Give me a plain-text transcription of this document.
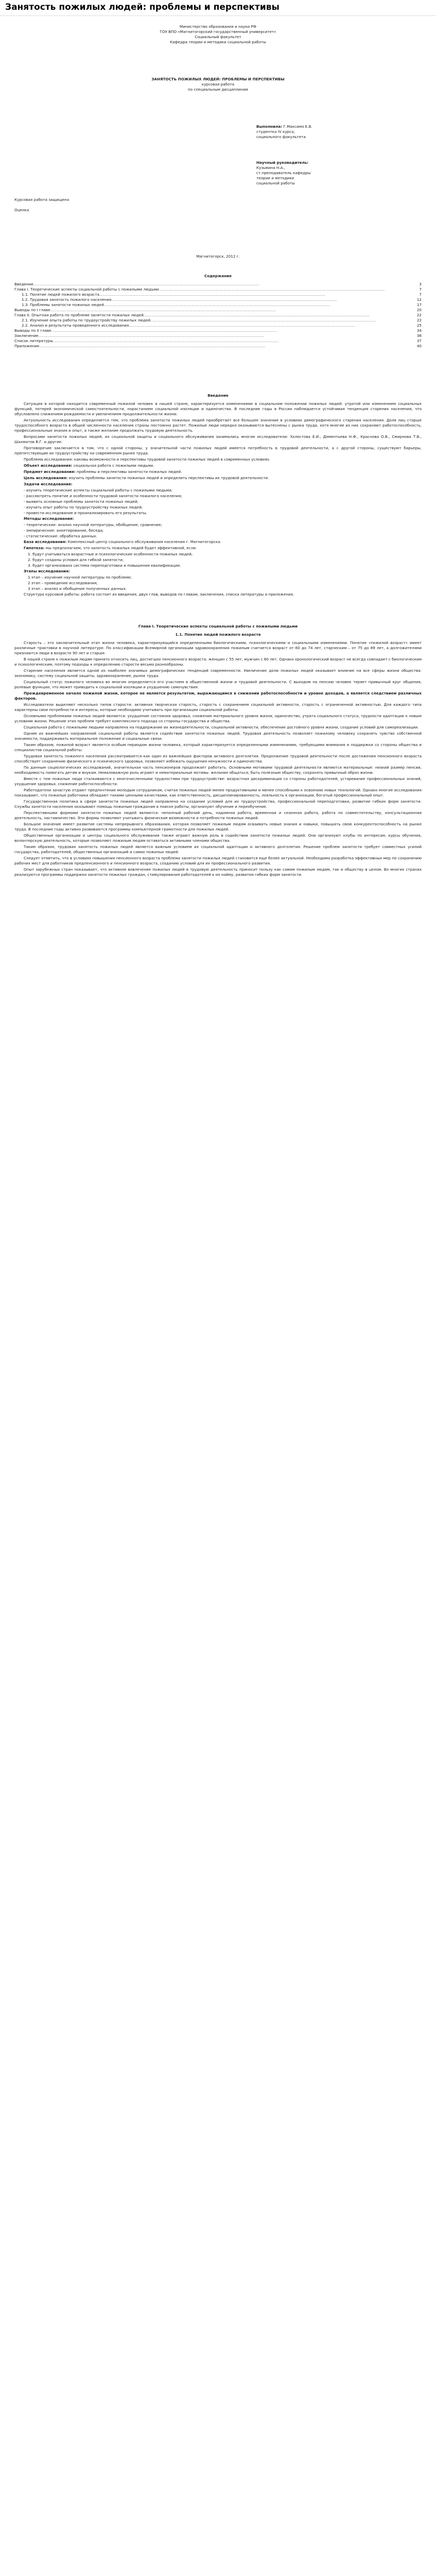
Занятость пожилых людей: проблемы и перспективы
Министерство образования и науки РФ
ГОУ ВПО «Магнитогорский государственный университет»
Социальный факультет
Кафедра теории и методики социальной работы
ЗАНЯТОСТЬ ПОЖИЛЫХ ЛЮДЕЙ: ПРОБЛЕМЫ И ПЕРСПЕКТИВЫ
курсовая работа
по специальным дисциплинам
Выполнила: Г.Максимо Е.В.
студентка IV курса,
социального факультета
Научный руководитель:
Кузьмина Н.А.,
ст.преподаватель кафедры
теории и методики
социальной работы
Курсовая работа защищена
Оценка
Магнитогорск, 2012 г.
Содержание
Введение .....	3
Глава I. Теоретические аспекты социальной работы с пожилыми людьми .....	7
1.1. Понятие людей пожилого возраста .....	7
1.2. Трудовая занятость пожилого населения .....	12
1.3. Проблемы занятости пожилых людей .....	17
Выводы по I главе .....	20
Глава II. Опытная работа по проблеме занятости пожилых людей .....	22
2.1. Изучение опыта работы по трудоустройству пожилых людей .....	22
2.2. Анализ и результаты проведенного исследования .....	25
Выводы по II главе .....	34
Заключение .....	36
Список литературы .....	37
Приложение .....	40
Введение

Ситуация в которой находится современный пожилой человек в нашей стране, характеризуется изменениями в социальном положении пожилых людей: утратой или изменением социальных функций, потерей экономической самостоятельности, нарастанием социальной изоляции и одиночества. В последние годы в России наблюдается устойчивая тенденция старения населения, что обусловлено снижением рождаемости и увеличением продолжительности жизни.

Актуальность исследования определяется тем, что проблема занятости пожилых людей приобретает все большее значение в условиях демографического старения населения. Доля лиц старше трудоспособного возраста в общей численности населения страны постоянно растет. Пожилые люди нередко оказываются вытеснены с рынка труда, хотя многие из них сохраняют работоспособность, профессиональные знания и опыт, а также желание продолжать трудовую деятельность.

Вопросами занятости пожилых людей, их социальной защиты и социального обслуживания занимались многие исследователи: Холостова Е.И., Дементьева Н.Ф., Краснова О.В., Смирнова Т.В., Шахматов В.Г. и другие.

Противоречие заключается в том, что с одной стороны, у значительной части пожилых людей имеется потребность в трудовой деятельности, а с другой стороны, существуют барьеры, препятствующие их трудоустройству на современном рынке труда.

Проблема исследования: каковы возможности и перспективы трудовой занятости пожилых людей в современных условиях.

Объект исследования: социальная работа с пожилыми людьми.

Предмет исследования: проблемы и перспективы занятости пожилых людей.

Цель исследования: изучить проблемы занятости пожилых людей и определить перспективы их трудовой деятельности.

Задачи исследования:

- изучить теоретические аспекты социальной работы с пожилыми людьми;

- рассмотреть понятие и особенности трудовой занятости пожилого населения;

- выявить основные проблемы занятости пожилых людей;

- изучить опыт работы по трудоустройству пожилых людей;

- провести исследование и проанализировать его результаты.

Методы исследования:

- теоретические: анализ научной литературы, обобщение, сравнение;

- эмпирические: анкетирование, беседа;

- статистические: обработка данных.

База исследования: Комплексный центр социального обслуживания населения г. Магнитогорска.

Гипотеза: мы предполагаем, что занятость пожилых людей будет эффективной, если:

1. будут учитываться возрастные и психологические особенности пожилых людей;

2. будут созданы условия для гибкой занятости;

3. будет организована система переподготовки и повышения квалификации.

Этапы исследования:

1 этап – изучение научной литературы по проблеме;

2 этап – проведение исследования;

3 этап – анализ и обобщение полученных данных.

Структура курсовой работы: работа состоит из введения, двух глав, выводов по главам, заключения, списка литературы и приложения.

Глава I. Теоретические аспекты социальной работы с пожилыми людьми
1.1. Понятие людей пожилого возраста

Старость – это заключительный этап жизни человека, характеризующийся определенными биологическими, психологическими и социальными изменениями. Понятие «пожилой возраст» имеет различные трактовки в научной литературе. По классификации Всемирной организации здравоохранения пожилым считается возраст от 60 до 74 лет, старческим – от 75 до 89 лет, а долгожителями признаются люди в возрасте 90 лет и старше.

В нашей стране к пожилым людям принято относить лиц, достигших пенсионного возраста: женщин с 55 лет, мужчин с 60 лет. Однако хронологический возраст не всегда совпадает с биологическим и психологическим, поэтому подходы к определению старости весьма разнообразны.

Старение населения является одной из наиболее значимых демографических тенденций современности. Увеличение доли пожилых людей оказывает влияние на все сферы жизни общества: экономику, систему социальной защиты, здравоохранение, рынок труда.

Социальный статус пожилого человека во многом определяется его участием в общественной жизни и трудовой деятельности. С выходом на пенсию человек теряет привычный круг общения, ролевые функции, что может приводить к социальной изоляции и ухудшению самочувствия.

Преждевременное начало пожилой жизни, которое не является результатом, выражающимся в снижении работоспособности и уровне доходов, а является следствием различных факторов.

Исследователи выделяют несколько типов старости: активная творческая старость, старость с сохранением социальной активности, старость с ограниченной активностью. Для каждого типа характерны свои потребности и интересы, которые необходимо учитывать при организации социальной работы.

Основными проблемами пожилых людей являются: ухудшение состояния здоровья, снижение материального уровня жизни, одиночество, утрата социального статуса, трудности адаптации к новым условиям жизни. Решение этих проблем требует комплексного подхода со стороны государства и общества.

Социальная работа с пожилыми людьми направлена на поддержание их жизнедеятельности, социальной активности, обеспечение достойного уровня жизни, создание условий для самореализации.

Одним из важнейших направлений социальной работы является содействие занятости пожилых людей. Трудовая деятельность позволяет пожилому человеку сохранять чувство собственной значимости, поддерживать материальное положение и социальные связи.

Таким образом, пожилой возраст является особым периодом жизни человека, который характеризуется определенными изменениями, требующими внимания и поддержки со стороны общества и специалистов социальной работы.

Трудовая занятость пожилого населения рассматривается как один из важнейших факторов активного долголетия. Продолжение трудовой деятельности после достижения пенсионного возраста способствует сохранению физического и психического здоровья, позволяет избежать ощущения ненужности и одиночества.

По данным социологических исследований, значительная часть пенсионеров продолжает работать. Основными мотивами трудовой деятельности являются материальные: низкий размер пенсии, необходимость помогать детям и внукам. Немаловажную роль играют и нематериальные мотивы: желание общаться, быть полезным обществу, сохранять привычный образ жизни.

Вместе с тем пожилые люди сталкиваются с многочисленными трудностями при трудоустройстве: возрастная дискриминация со стороны работодателей, устаревание профессиональных знаний, ухудшение здоровья, снижение работоспособности.

Работодатели зачастую отдают предпочтение молодым сотрудникам, считая пожилых людей менее продуктивными и менее способными к освоению новых технологий. Однако многие исследования показывают, что пожилые работники обладают такими ценными качествами, как ответственность, дисциплинированность, лояльность к организации, богатый профессиональный опыт.

Государственная политика в сфере занятости пожилых людей направлена на создание условий для их трудоустройства, профессиональной переподготовки, развитие гибких форм занятости. Службы занятости населения оказывают помощь пожилым гражданам в поиске работы, организуют обучение и переобучение.

Перспективными формами занятости пожилых людей являются: неполный рабочий день, надомная работа, временная и сезонная работа, работа по совместительству, консультационная деятельность, наставничество. Эти формы позволяют учитывать физические возможности и потребности пожилых людей.

Большое значение имеет развитие системы непрерывного образования, которая позволяет пожилым людям осваивать новые знания и навыки, повышать свою конкурентоспособность на рынке труда. В последние годы активно развиваются программы компьютерной грамотности для пожилых людей.

Общественные организации и центры социального обслуживания также играют важную роль в содействии занятости пожилых людей. Они организуют клубы по интересам, курсы обучения, волонтерскую деятельность, которые позволяют пожилым людям оставаться активными членами общества.

Таким образом, трудовая занятость пожилых людей является важным условием их социальной адаптации и активного долголетия. Решение проблем занятости требует совместных усилий государства, работодателей, общественных организаций и самих пожилых людей.

Следует отметить, что в условиях повышения пенсионного возраста проблема занятости пожилых людей становится еще более актуальной. Необходима разработка эффективных мер по сохранению рабочих мест для работников предпенсионного и пенсионного возраста, созданию условий для их профессионального развития.

Опыт зарубежных стран показывает, что активное вовлечение пожилых людей в трудовую деятельность приносит пользу как самим пожилым людям, так и обществу в целом. Во многих странах реализуются программы поддержки занятости пожилых граждан, стимулирования работодателей к их найму, развития гибких форм занятости.
